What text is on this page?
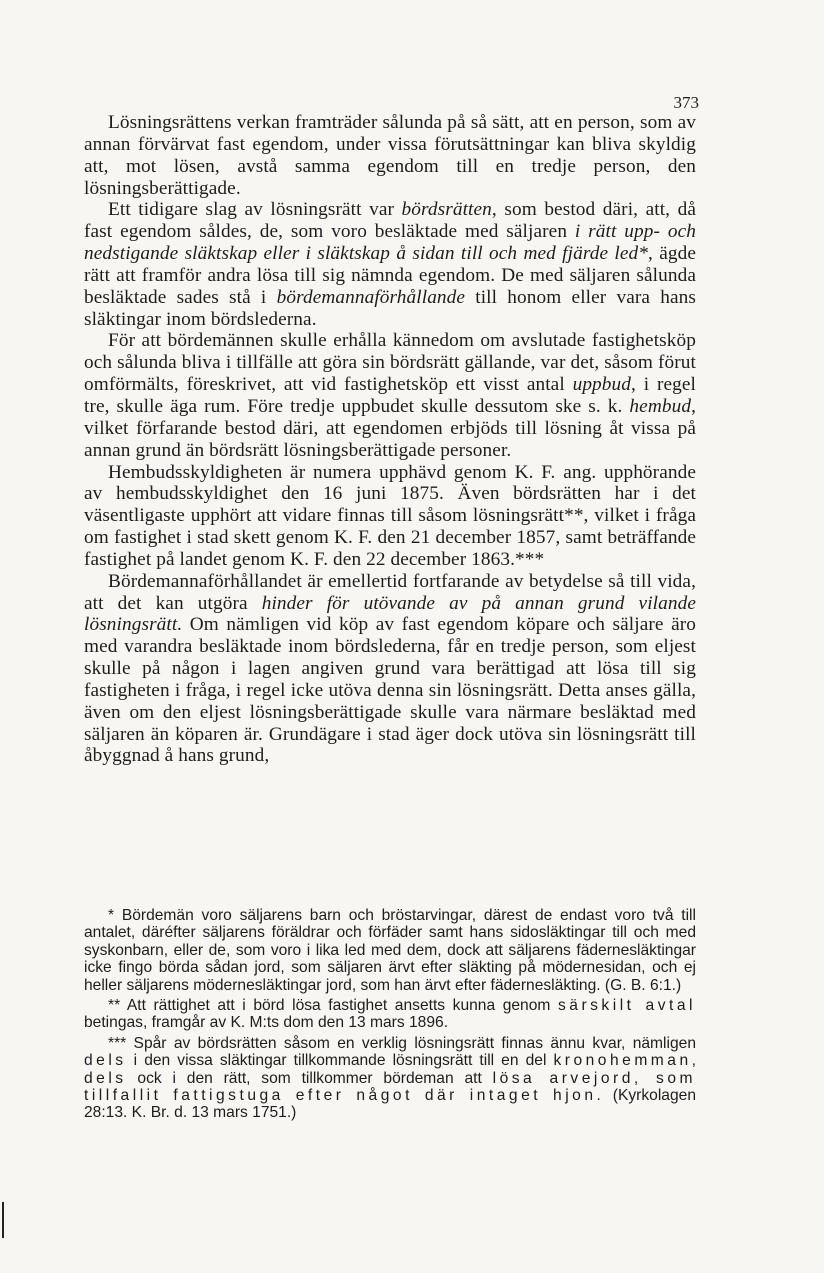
373

Lösningsrättens verkan framträder sålunda på så sätt, att en person, som av annan förvärvat fast egendom, under vissa förutsättningar kan bliva skyldig att, mot lösen, avstå samma egendom till en tredje person, den lösningsberättigade.

Ett tidigare slag av lösningsrätt var bördsrätten, som bestod däri, att, då fast egendom såldes, de, som voro besläktade med säljaren i rätt upp- och nedstigande släktskap eller i släktskap å sidan till och med fjärde led*, ägde rätt att framför andra lösa till sig nämnda egendom. De med säljaren sålunda besläktade sades stå i bördemannaförhållande till honom eller vara hans släktingar inom bördslederna.

För att bördemännen skulle erhålla kännedom om avslutade fastighetsköp och sålunda bliva i tillfälle att göra sin bördsrätt gällande, var det, såsom förut omförmälts, föreskrivet, att vid fastighetsköp ett visst antal uppbud, i regel tre, skulle äga rum. Före tredje uppbudet skulle dessutom ske s. k. hembud, vilket förfarande bestod däri, att egendomen erbjöds till lösning åt vissa på annan grund än bördsrätt lösningsberättigade personer.

Hembudsskyldigheten är numera upphävd genom K. F. ang. upphörande av hembudsskyldighet den 16 juni 1875. Även bördsrätten har i det väsentligaste upphört att vidare finnas till såsom lösningsrätt**, vilket i fråga om fastighet i stad skett genom K. F. den 21 december 1857, samt beträffande fastighet på landet genom K. F. den 22 december 1863.***

Bördemannaförhållandet är emellertid fortfarande av betydelse så till vida, att det kan utgöra hinder för utövande av på annan grund vilande lösningsrätt. Om nämligen vid köp av fast egendom köpare och säljare äro med varandra besläktade inom bördslederna, får en tredje person, som eljest skulle på någon i lagen angiven grund vara berättigad att lösa till sig fastigheten i fråga, i regel icke utöva denna sin lösningsrätt. Detta anses gälla, även om den eljest lösningsberättigade skulle vara närmare besläktad med säljaren än köparen är. Grundägare i stad äger dock utöva sin lösningsrätt till åbyggnad å hans grund,

* Bördemän voro säljarens barn och bröstarvingar, därest de endast voro två till antalet, däréfter säljarens föräldrar och förfäder samt hans sidosläktingar till och med syskonbarn, eller de, som voro i lika led med dem, dock att säljarens fädernesläktingar icke fingo börda sådan jord, som säljaren ärvt efter släkting på mödernesidan, och ej heller säljarens mödernesläktingar jord, som han ärvt efter fädernesläkting. (G. B. 6:1.)

** Att rättighet att i börd lösa fastighet ansetts kunna genom särskilt avtal betingas, framgår av K. M:ts dom den 13 mars 1896.

*** Spår av bördsrätten såsom en verklig lösningsrätt finnas ännu kvar, nämligen dels i den vissa släktingar tillkommande lösningsrätt till en del kronohemman, dels ock i den rätt, som tillkommer bördeman att lösa arvejord, som tillfallit fattigstuga efter något där intaget hjon. (Kyrkolagen 28:13. K. Br. d. 13 mars 1751.)
